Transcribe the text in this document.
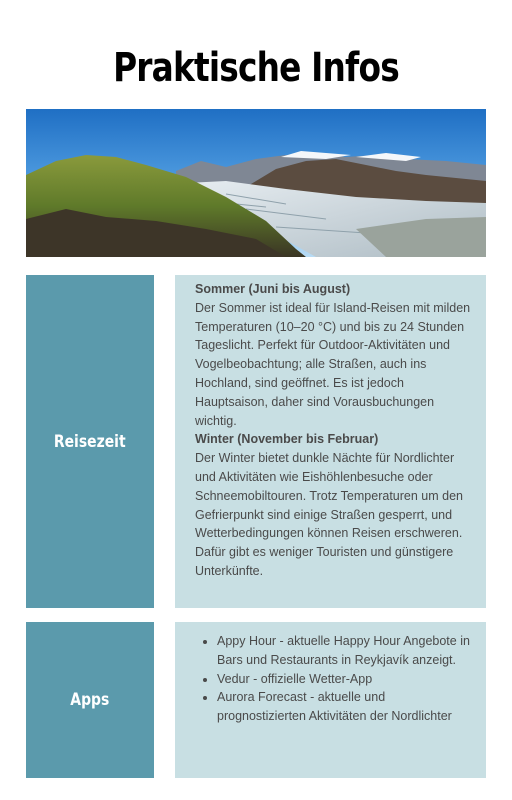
Praktische Infos
Reisezeit

Sommer (Juni bis August)

Der Sommer ist ideal für Island-Reisen mit milden Temperaturen (10–20 °C) und bis zu 24 Stunden Tageslicht. Perfekt für Outdoor-Aktivitäten und Vogelbeobachtung; alle Straßen, auch ins Hochland, sind geöffnet. Es ist jedoch Hauptsaison, daher sind Vorausbuchungen wichtig.

Winter (November bis Februar)

Der Winter bietet dunkle Nächte für Nordlichter und Aktivitäten wie Eishöhlenbesuche oder Schneemobiltouren. Trotz Temperaturen um den Gefrierpunkt sind einige Straßen gesperrt, und Wetterbedingungen können Reisen erschweren. Dafür gibt es weniger Touristen und günstigere Unterkünfte.

Apps
• Appy Hour - aktuelle Happy Hour Angebote in Bars und Restaurants in Reykjavík anzeigt.
• Vedur - offizielle Wetter-App
• Aurora Forecast - aktuelle und prognostizierten Aktivitäten der Nordlichter
